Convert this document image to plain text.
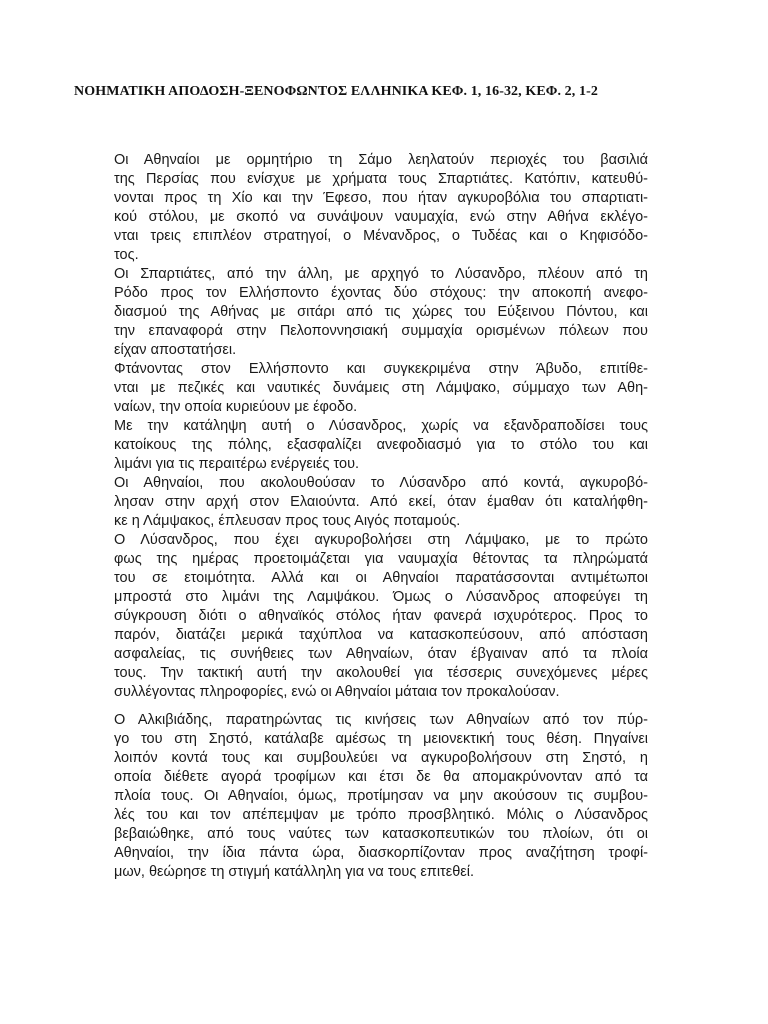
ΝΟΗΜΑΤΙΚΗ ΑΠΟΔΟΣΗ-ΞΕΝΟΦΩΝΤΟΣ ΕΛΛΗΝΙΚΑ ΚΕΦ. 1, 16-32, ΚΕΦ. 2, 1-2
Οι Αθηναίοι με ορμητήριο τη Σάμο λεηλατούν περιοχές του βασιλιά
της Περσίας που ενίσχυε με χρήματα τους Σπαρτιάτες. Κατόπιν, κατευθύ-
νονται προς τη Χίο και την Έφεσο, που ήταν αγκυροβόλια του σπαρτιατι-
κού στόλου, με σκοπό να συνάψουν ναυμαχία, ενώ στην Αθήνα εκλέγο-
νται τρεις επιπλέον στρατηγοί, ο Μένανδρος, ο Τυδέας και ο Κηφισόδο-
τος.
Οι Σπαρτιάτες, από την άλλη, με αρχηγό το Λύσανδρο, πλέουν από τη
Ρόδο προς τον Ελλήσποντο έχοντας δύο στόχους: την αποκοπή ανεφο-
διασμού της Αθήνας με σιτάρι από τις χώρες του Εύξεινου Πόντου, και
την επαναφορά στην Πελοποννησιακή συμμαχία ορισμένων πόλεων που
είχαν αποστατήσει.
Φτάνοντας στον Ελλήσποντο και συγκεκριμένα στην Άβυδο, επιτίθε-
νται με πεζικές και ναυτικές δυνάμεις στη Λάμψακο, σύμμαχο των Αθη-
ναίων, την οποία κυριεύουν με έφοδο.
Με την κατάληψη αυτή ο Λύσανδρος, χωρίς να εξανδραποδίσει τους
κατοίκους της πόλης, εξασφαλίζει ανεφοδιασμό για το στόλο του και
λιμάνι για τις περαιτέρω ενέργειές του.
Οι Αθηναίοι, που ακολουθούσαν το Λύσανδρο από κοντά, αγκυροβό-
λησαν στην αρχή στον Ελαιούντα. Από εκεί, όταν έμαθαν ότι καταλήφθη-
κε η Λάμψακος, έπλευσαν προς τους Αιγός ποταμούς.
Ο Λύσανδρος, που έχει αγκυροβολήσει στη Λάμψακο, με το πρώτο
φως της ημέρας προετοιμάζεται για ναυμαχία θέτοντας τα πληρώματά
του σε ετοιμότητα. Αλλά και οι Αθηναίοι παρατάσσονται αντιμέτωποι
μπροστά στο λιμάνι της Λαμψάκου. Όμως ο Λύσανδρος αποφεύγει τη
σύγκρουση διότι ο αθηναϊκός στόλος ήταν φανερά ισχυρότερος. Προς το
παρόν, διατάζει μερικά ταχύπλοα να κατασκοπεύσουν, από απόσταση
ασφαλείας, τις συνήθειες των Αθηναίων, όταν έβγαιναν από τα πλοία
τους. Την τακτική αυτή την ακολουθεί για τέσσερις συνεχόμενες μέρες
συλλέγοντας πληροφορίες, ενώ οι Αθηναίοι μάταια τον προκαλούσαν.
Ο Αλκιβιάδης, παρατηρώντας τις κινήσεις των Αθηναίων από τον πύρ-
γο του στη Σηστό, κατάλαβε αμέσως τη μειονεκτική τους θέση. Πηγαίνει
λοιπόν κοντά τους και συμβουλεύει να αγκυροβολήσουν στη Σηστό, η
οποία διέθετε αγορά τροφίμων και έτσι δε θα απομακρύνονταν από τα
πλοία τους. Οι Αθηναίοι, όμως, προτίμησαν να μην ακούσουν τις συμβου-
λές του και τον απέπεμψαν με τρόπο προσβλητικό. Μόλις ο Λύσανδρος
βεβαιώθηκε, από τους ναύτες των κατασκοπευτικών του πλοίων, ότι οι
Αθηναίοι, την ίδια πάντα ώρα, διασκορπίζονταν προς αναζήτηση τροφί-
μων, θεώρησε τη στιγμή κατάλληλη για να τους επιτεθεί.
